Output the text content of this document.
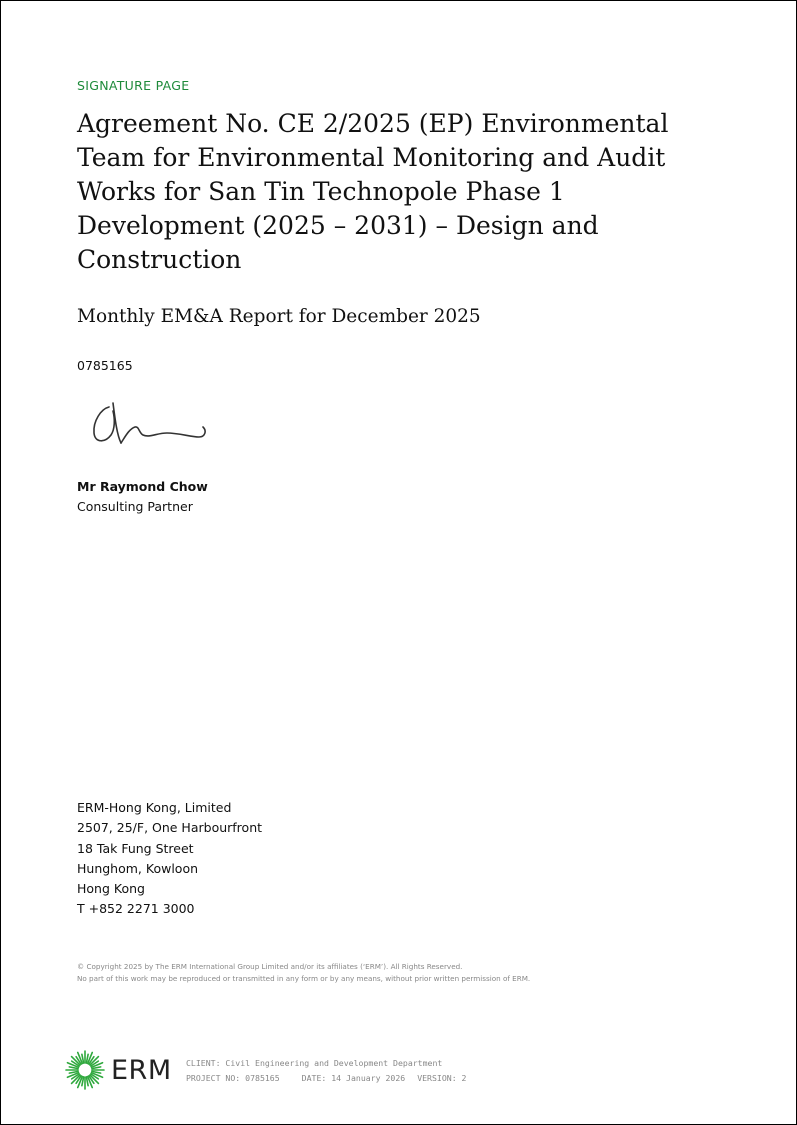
SIGNATURE PAGE
Agreement No. CE 2/2025 (EP) Environmental Team for Environmental Monitoring and Audit Works for San Tin Technopole Phase 1 Development (2025 – 2031) – Design and Construction
Monthly EM&A Report for December 2025
0785165
Mr Raymond Chow
Consulting Partner
ERM-Hong Kong, Limited
2507, 25/F, One Harbourfront
18 Tak Fung Street
Hunghom, Kowloon
Hong Kong
T +852 2271 3000
© Copyright 2025 by The ERM International Group Limited and/or its affiliates (‘ERM’). All Rights Reserved.
No part of this work may be reproduced or transmitted in any form or by any means, without prior written permission of ERM.
ERM CLIENT: Civil Engineering and Development Department
PROJECT NO: 0785165	DATE: 14 January 2026 VERSION: 2
